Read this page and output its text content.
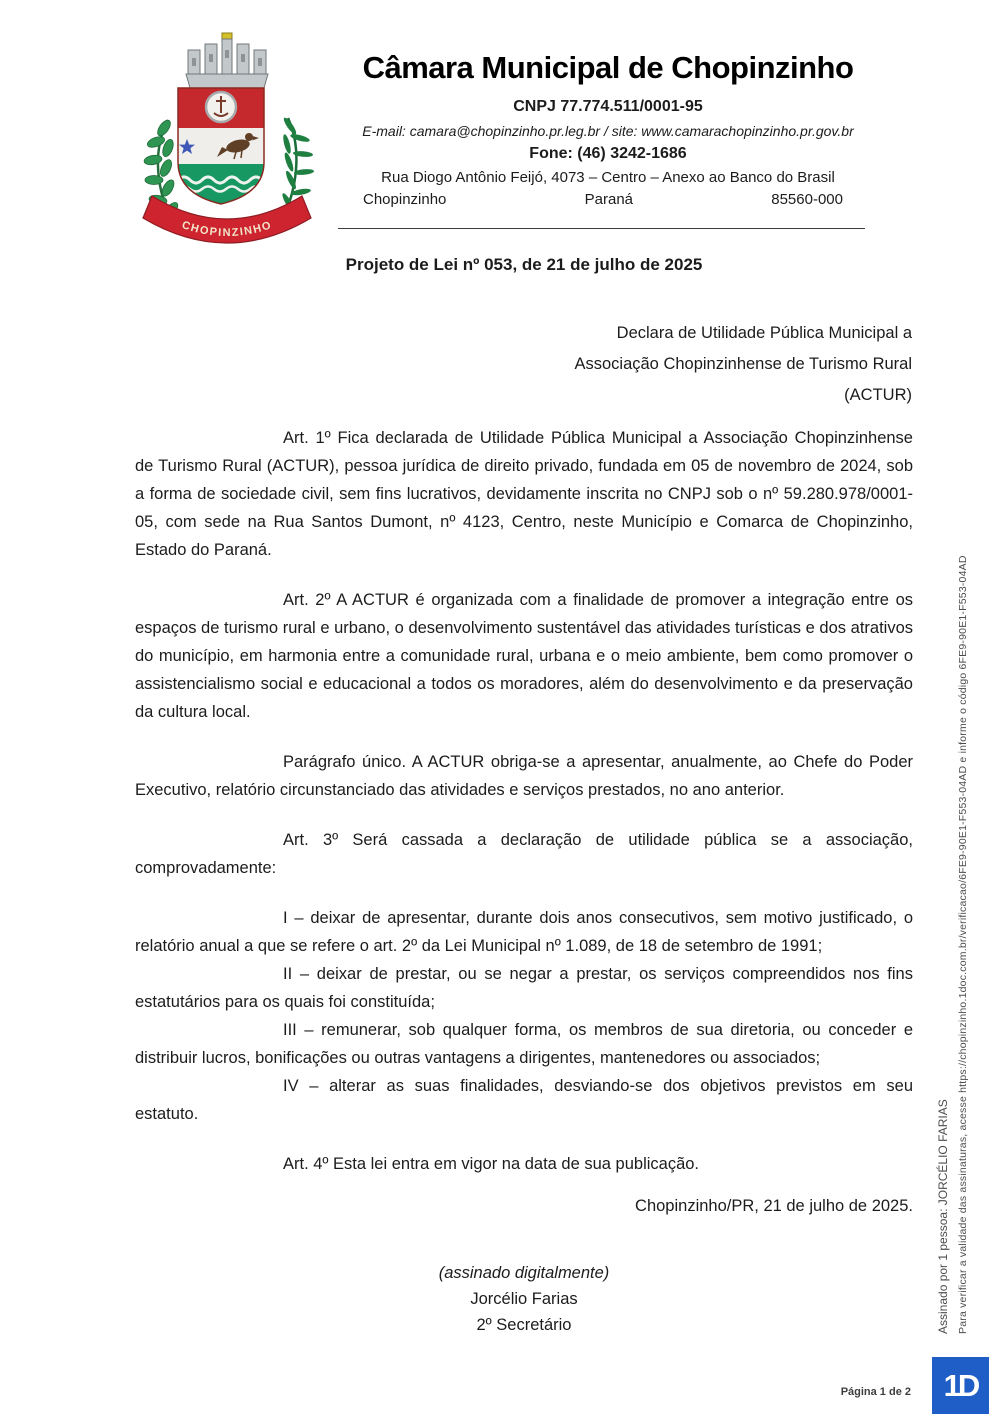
CHOPINZINHO
Câmara Municipal de Chopinzinho
CNPJ 77.774.511/0001-95
E-mail: camara@chopinzinho.pr.leg.br / site: www.camarachopinzinho.pr.gov.br
Fone: (46) 3242-1686
Rua Diogo Antônio Feijó, 4073 – Centro – Anexo ao Banco do Brasil
Chopinzinho	Paraná	85560-000
Projeto de Lei nº 053, de 21 de julho de 2025
Declara de Utilidade Pública Municipal a
Associação Chopinzinhense de Turismo Rural
(ACTUR)

Art. 1º Fica declarada de Utilidade Pública Municipal a Associação Chopinzinhense de Turismo Rural (ACTUR), pessoa jurídica de direito privado, fundada em 05 de novembro de 2024, sob a forma de sociedade civil, sem fins lucrativos, devidamente inscrita no CNPJ sob o nº 59.280.978/0001-05, com sede na Rua Santos Dumont, nº 4123, Centro, neste Município e Comarca de Chopinzinho, Estado do Paraná.

Art. 2º A ACTUR é organizada com a finalidade de promover a integração entre os espaços de turismo rural e urbano, o desenvolvimento sustentável das atividades turísticas e dos atrativos do município, em harmonia entre a comunidade rural, urbana e o meio ambiente, bem como promover o assistencialismo social e educacional a todos os moradores, além do desenvolvimento e da preservação da cultura local.

Parágrafo único. A ACTUR obriga-se a apresentar, anualmente, ao Chefe do Poder Executivo, relatório circunstanciado das atividades e serviços prestados, no ano anterior.

Art. 3º Será cassada a declaração de utilidade pública se a associação, comprovadamente:

I – deixar de apresentar, durante dois anos consecutivos, sem motivo justificado, o relatório anual a que se refere o art. 2º da Lei Municipal nº 1.089, de 18 de setembro de 1991;

II – deixar de prestar, ou se negar a prestar, os serviços compreendidos nos fins estatutários para os quais foi constituída;

III – remunerar, sob qualquer forma, os membros de sua diretoria, ou conceder e distribuir lucros, bonificações ou outras vantagens a dirigentes, mantenedores ou associados;

IV – alterar as suas finalidades, desviando-se dos objetivos previstos em seu estatuto.

Art. 4º Esta lei entra em vigor na data de sua publicação.

Chopinzinho/PR, 21 de julho de 2025.

(assinado digitalmente)
Jorcélio Farias
2º Secretário	Assinado por 1 pessoa: JORCÉLIO FARIAS Para verificar a validade das assinaturas, acesse https://chopinzinho.1doc.com.br/verificacao/6FE9-90E1-F553-04AD e informe o código 6FE9-90E1-F553-04AD
Página 1 de 2 1D
